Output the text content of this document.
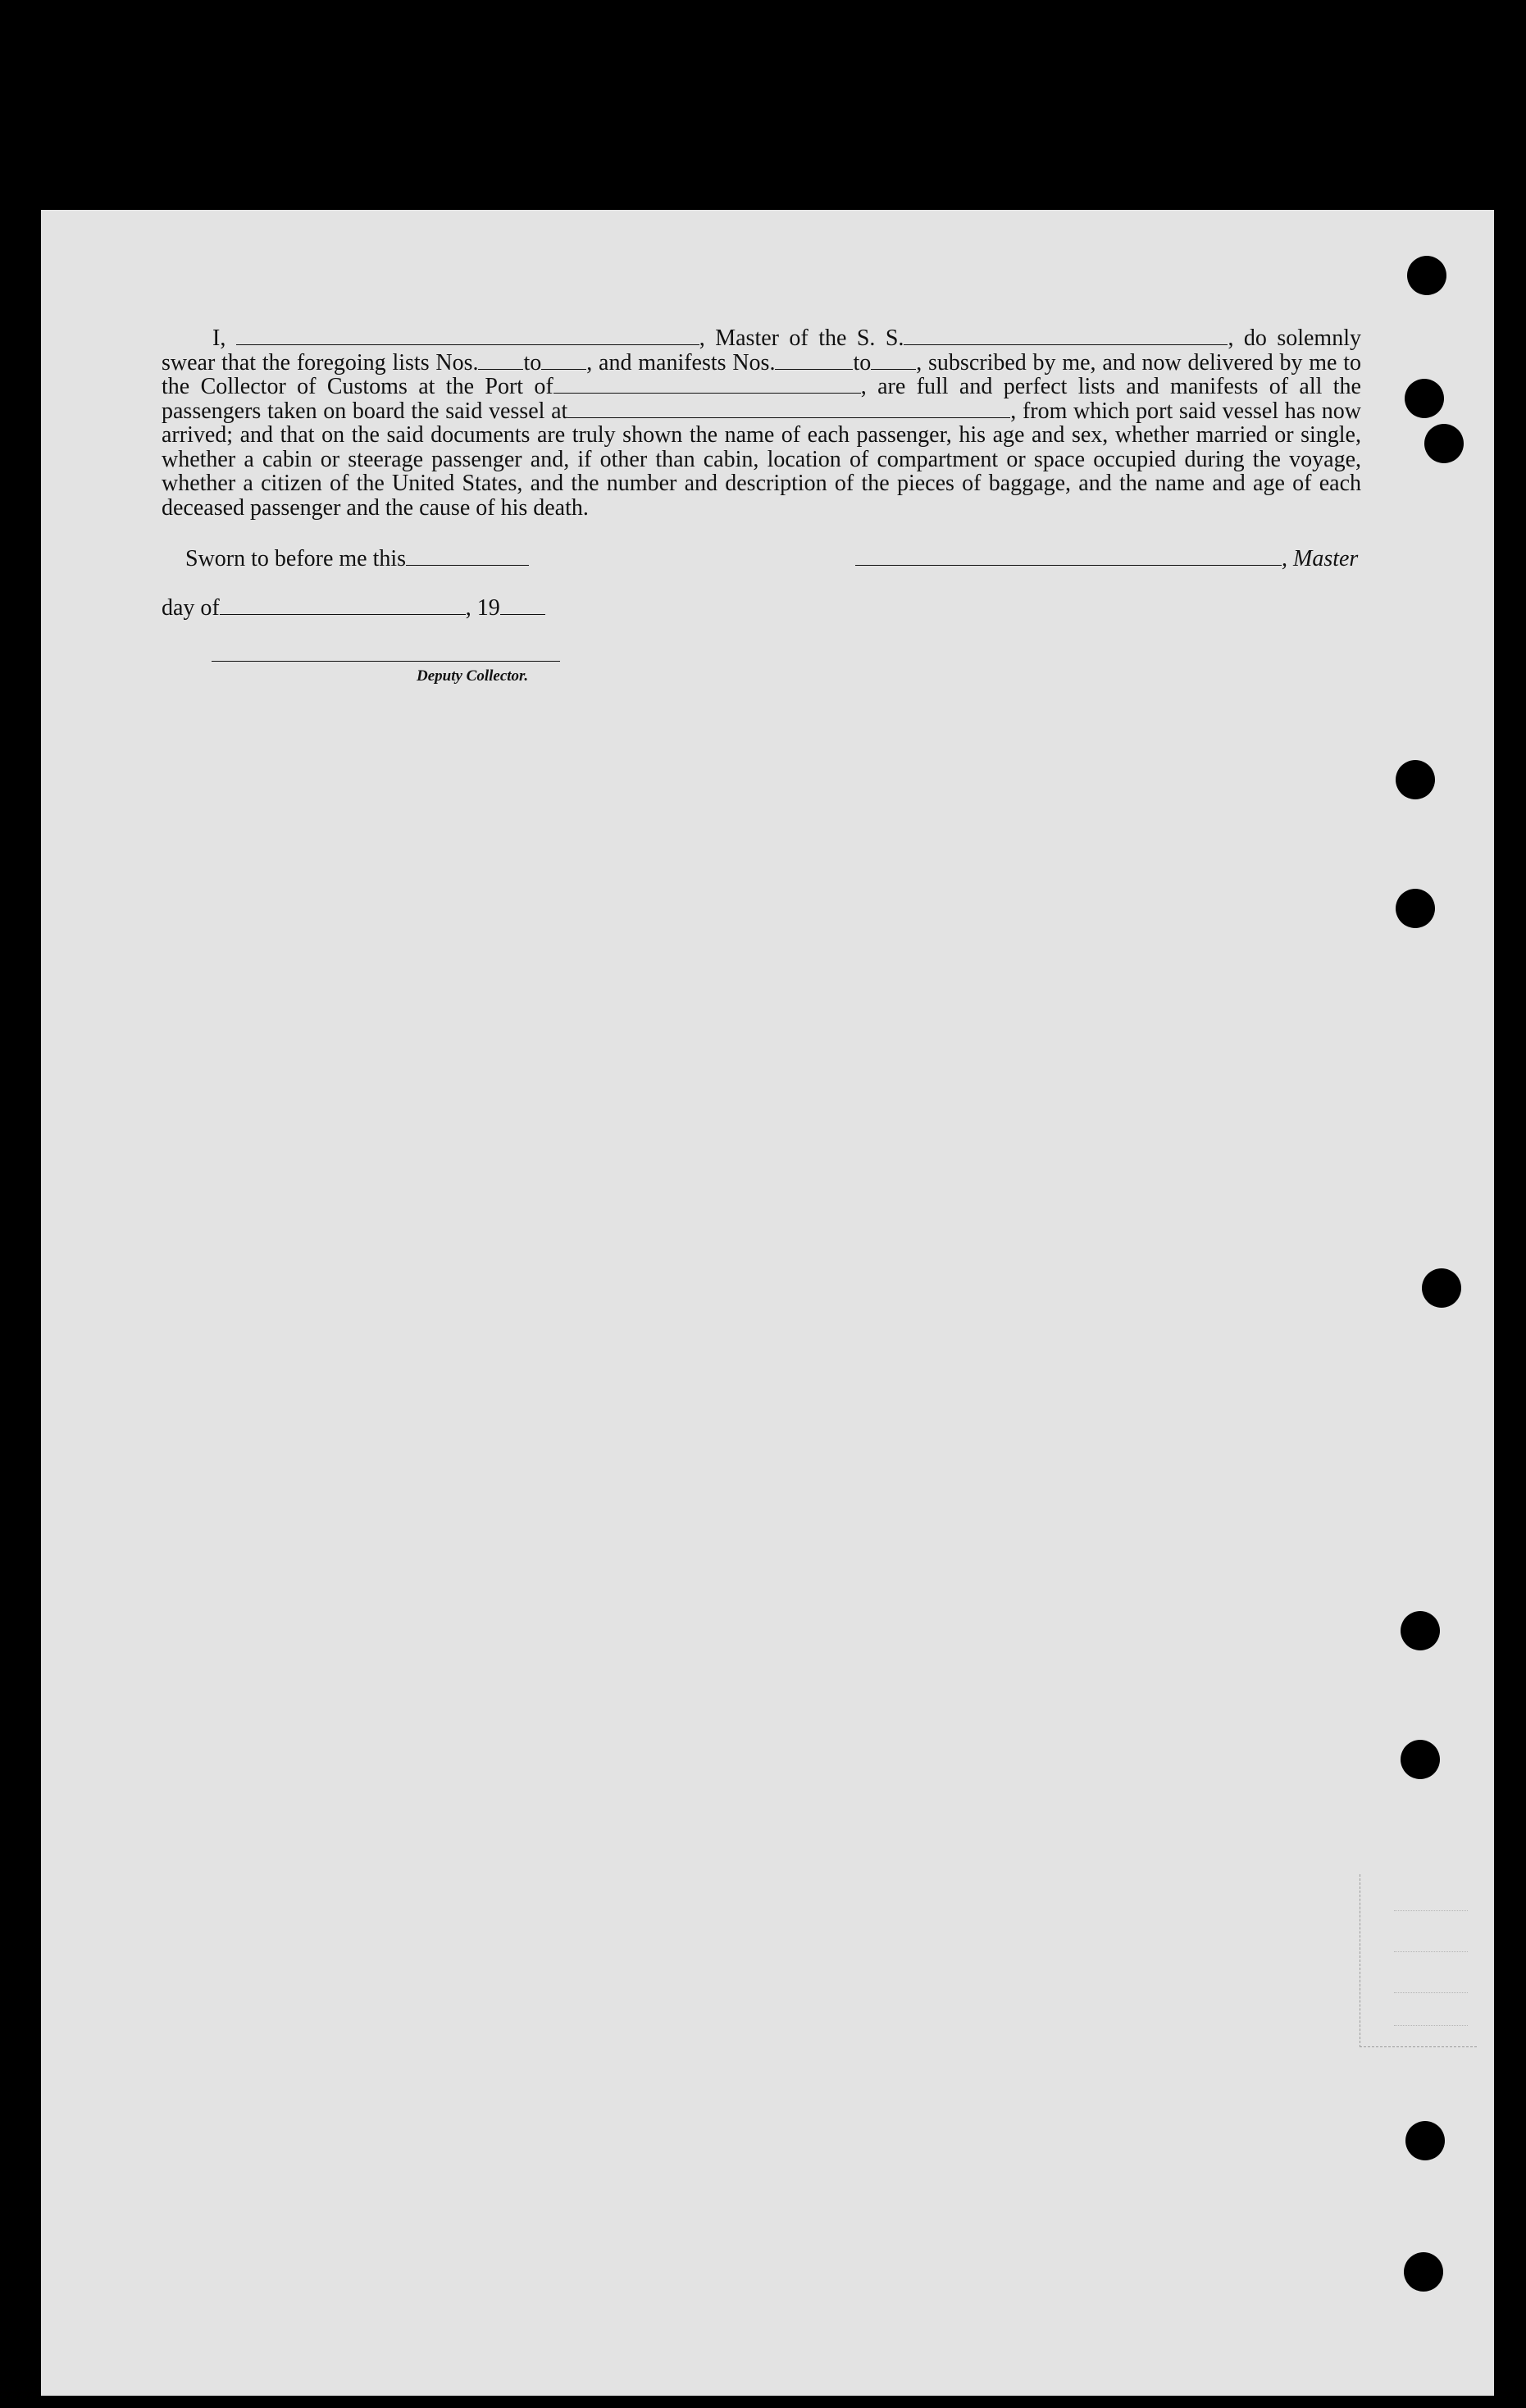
I,	, Master of the S. S.	, do solemnly swear that the foregoing lists Nos. to , and manifests Nos.	to , subscribed by me, and now delivered by me to the Collector of Customs at the Port of	, are full and perfect lists and manifests of all the passengers taken on board the said vessel at	, from which port said vessel has now arrived; and that on the said documents are truly shown the name of each passenger, his age and sex, whether married or single, whether a cabin or steerage passenger and, if other than cabin, location of compartment or space occupied during the voyage, whether a citizen of the United States, and the number and description of the pieces of baggage, and the name and age of each deceased passenger and the cause of his death.
Sworn to before me this	, Master
day of	, 19
Deputy Collector.
